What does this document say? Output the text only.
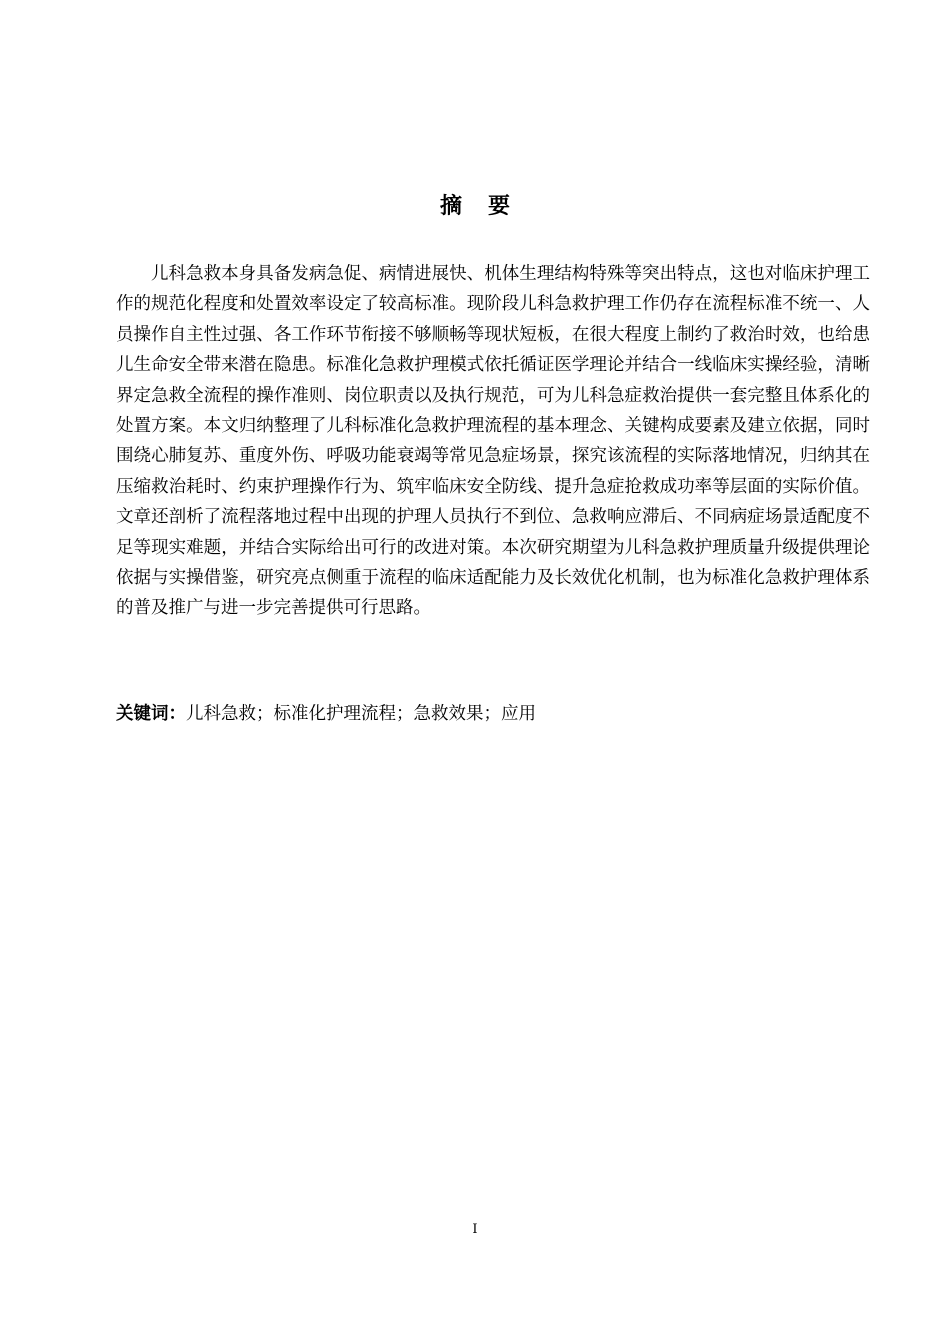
摘要

儿科急救本身具备发病急促、病情进展快、机体生理结构特殊等突出特点，这也对临床护理工作的规范化程度和处置效率设定了较高标准。现阶段儿科急救护理工作仍存在流程标准不统一、人员操作自主性过强、各工作环节衔接不够顺畅等现状短板，在很大程度上制约了救治时效，也给患儿生命安全带来潜在隐患。标准化急救护理模式依托循证医学理论并结合一线临床实操经验，清晰界定急救全流程的操作准则、岗位职责以及执行规范，可为儿科急症救治提供一套完整且体系化的处置方案。本文归纳整理了儿科标准化急救护理流程的基本理念、关键构成要素及建立依据，同时围绕心肺复苏、重度外伤、呼吸功能衰竭等常见急症场景，探究该流程的实际落地情况，归纳其在压缩救治耗时、约束护理操作行为、筑牢临床安全防线、提升急症抢救成功率等层面的实际价值。文章还剖析了流程落地过程中出现的护理人员执行不到位、急救响应滞后、不同病症场景适配度不足等现实难题，并结合实际给出可行的改进对策。本次研究期望为儿科急救护理质量升级提供理论依据与实操借鉴，研究亮点侧重于流程的临床适配能力及长效优化机制，也为标准化急救护理体系的普及推广与进一步完善提供可行思路。

关键词：儿科急救；标准化护理流程；急救效果；应用

I
